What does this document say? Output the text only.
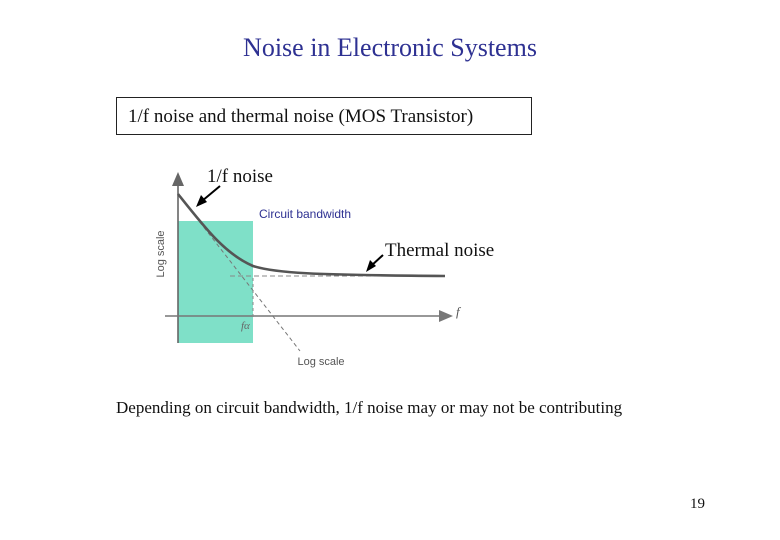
Noise in Electronic Systems
1/f noise and thermal noise (MOS Transistor)
Circuit bandwidth
Log scale
Log scale
f
fα
1/f noise
Thermal noise
Depending on circuit bandwidth, 1/f noise may or may not be contributing
19
